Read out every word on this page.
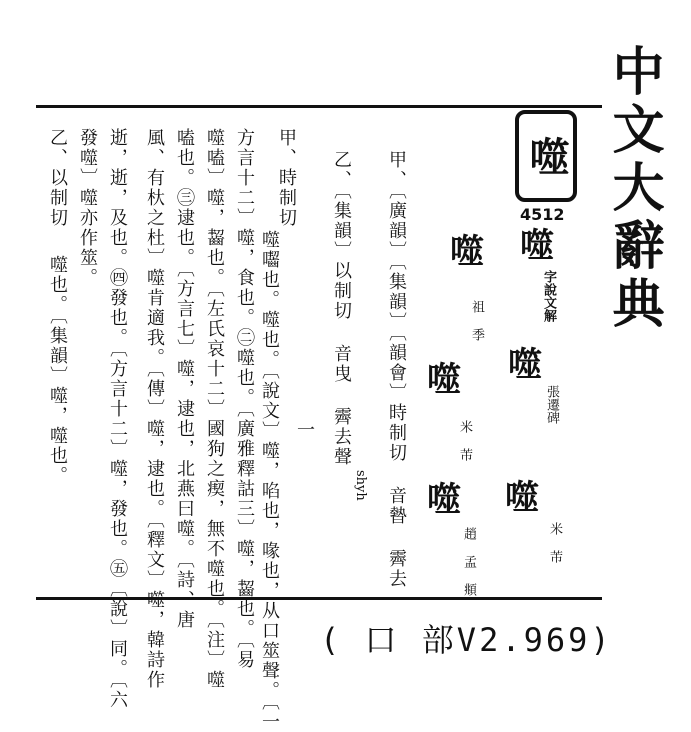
中文大辭典
噬
4512
噬
字說文解
噬
張遷碑
噬
米 芾
噬
祖 季
噬
米 芾
噬
趙 孟 頫
甲、〔廣韻〕〔集韻〕〔韻會〕時制切 音暬 霽去
shyh
乙、〔集韻〕以制切 音曳 霽去聲
甲、時制切
一
噬囓也。噬也。〔說文〕噬，啗也，喙也，从口筮聲。〔一
方言十二〕噬，食也。㊁噬也。〔廣雅釋詁三〕噬，齧也。〔易
噬嗑〕噬，齧也。〔左氏哀十二〕國狗之瘈，無不噬也。〔注〕噬
嗑也。㊂逮也。〔方言七〕噬，逮也，北燕曰噬。〔詩、唐
風、有杕之杜〕噬肯適我。〔傳〕噬，逮也。〔釋文〕噬，韓詩作
逝，逝，及也。㊃發也。〔方言十二〕噬，發也。㊄〔說〕同。〔六
發噬〕噬亦作筮。
乙、以制切
噬也。〔集韻〕噬，噬也。
( 口 部V2.969)
